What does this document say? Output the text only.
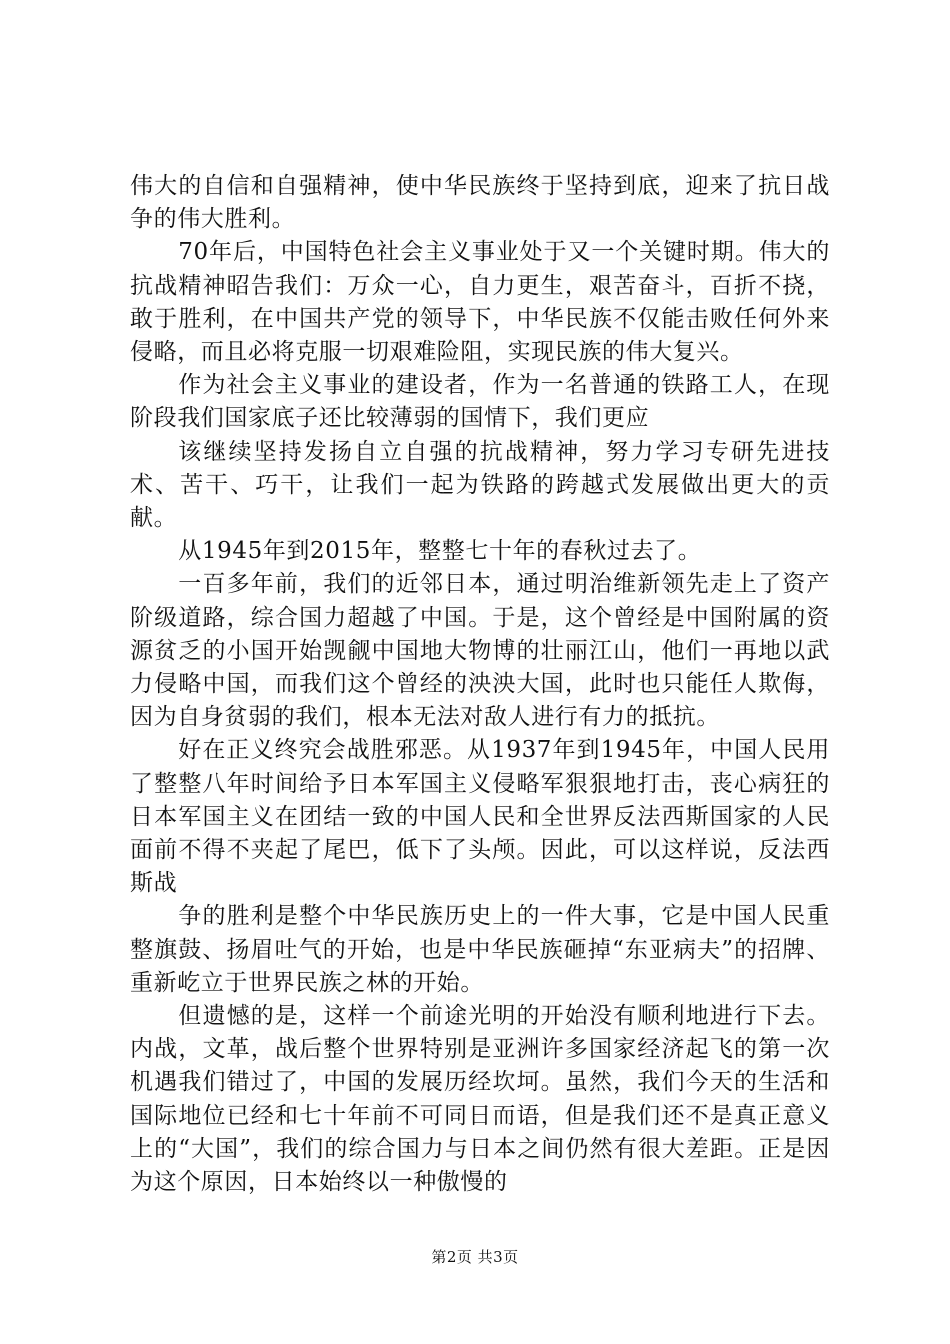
伟大的自信和自强精神，使中华民族终于坚持到底，迎来了抗日战争的伟大胜利。

70年后，中国特色社会主义事业处于又一个关键时期。伟大的抗战精神昭告我们：万众一心，自力更生，艰苦奋斗，百折不挠，敢于胜利，在中国共产党的领导下，中华民族不仅能击败任何外来侵略，而且必将克服一切艰难险阻，实现民族的伟大复兴。

作为社会主义事业的建设者，作为一名普通的铁路工人，在现阶段我们国家底子还比较薄弱的国情下，我们更应

该继续坚持发扬自立自强的抗战精神，努力学习专研先进技术、苦干、巧干，让我们一起为铁路的跨越式发展做出更大的贡献。

从1945年到2015年，整整七十年的春秋过去了。

一百多年前，我们的近邻日本，通过明治维新领先走上了资产阶级道路，综合国力超越了中国。于是，这个曾经是中国附属的资源贫乏的小国开始觊觎中国地大物博的壮丽江山，他们一再地以武力侵略中国，而我们这个曾经的泱泱大国，此时也只能任人欺侮，因为自身贫弱的我们，根本无法对敌人进行有力的抵抗。

好在正义终究会战胜邪恶。从1937年到1945年，中国人民用了整整八年时间给予日本军国主义侵略军狠狠地打击，丧心病狂的日本军国主义在团结一致的中国人民和全世界反法西斯国家的人民面前不得不夹起了尾巴，低下了头颅。因此，可以这样说，反法西斯战

争的胜利是整个中华民族历史上的一件大事，它是中国人民重整旗鼓、扬眉吐气的开始，也是中华民族砸掉“东亚病夫”的招牌、重新屹立于世界民族之林的开始。

但遗憾的是，这样一个前途光明的开始没有顺利地进行下去。内战，文革，战后整个世界特别是亚洲许多国家经济起飞的第一次机遇我们错过了，中国的发展历经坎坷。虽然，我们今天的生活和国际地位已经和七十年前不可同日而语，但是我们还不是真正意义上的“大国”，我们的综合国力与日本之间仍然有很大差距。正是因为这个原因，日本始终以一种傲慢的

第2页 共3页
